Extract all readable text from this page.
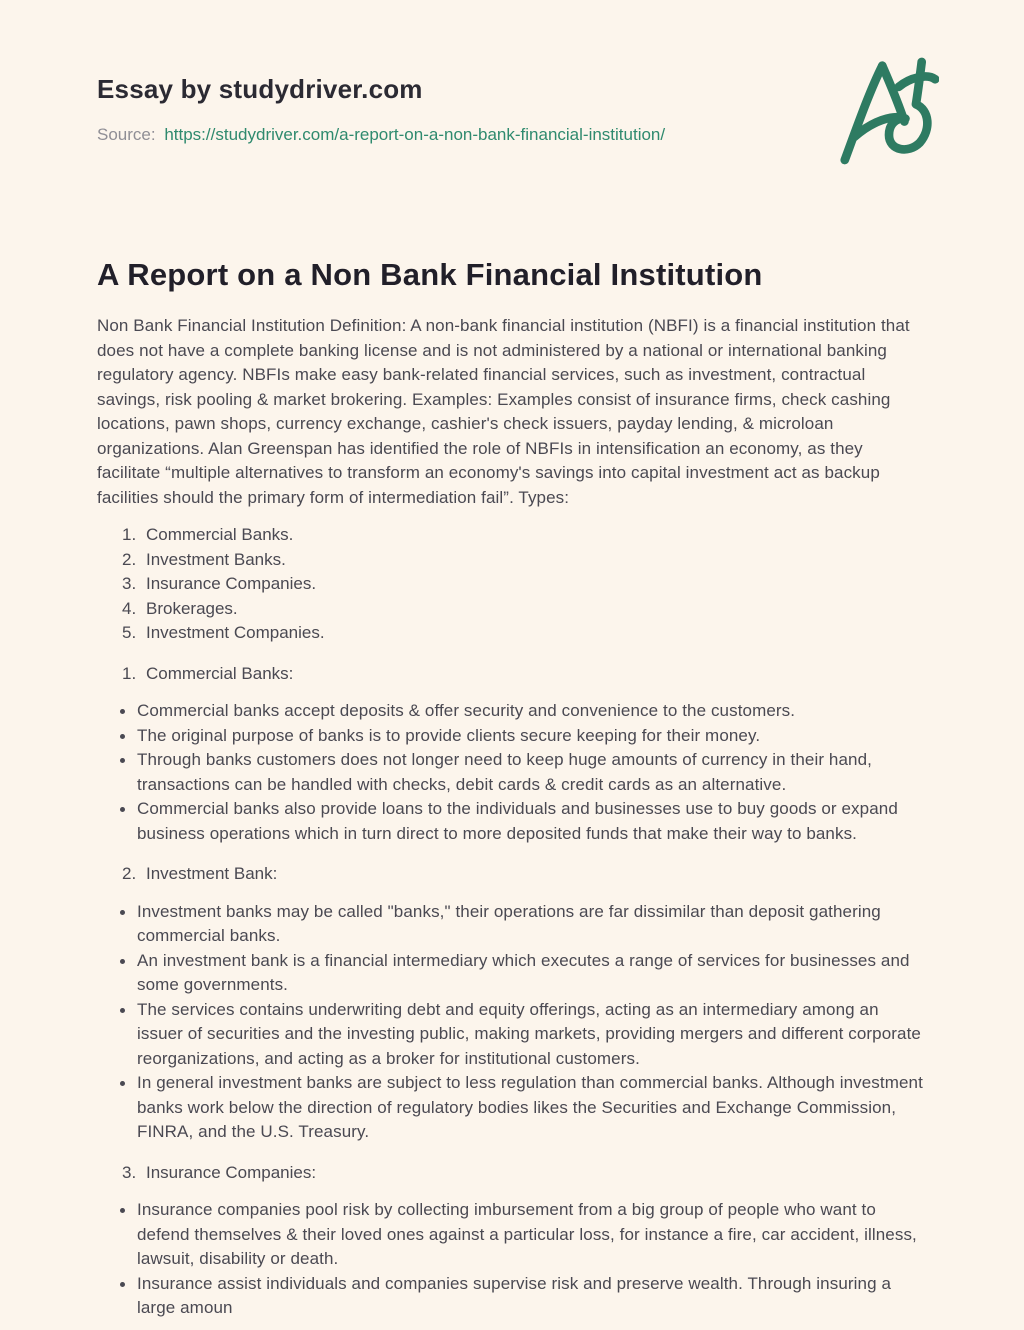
Essay by studydriver.com

Source: https://studydriver.com/a-report-on-a-non-bank-financial-institution/

A Report on a Non Bank Financial Institution

Non Bank Financial Institution Definition: A non-bank financial institution (NBFI) is a financial institution that does not have a complete banking license and is not administered by a national or international banking regulatory agency. NBFIs make easy bank-related financial services, such as investment, contractual savings, risk pooling & market brokering. Examples: Examples consist of insurance firms, check cashing locations, pawn shops, currency exchange, cashier's check issuers, payday lending, & microloan organizations. Alan Greenspan has identified the role of NBFIs in intensification an economy, as they facilitate “multiple alternatives to transform an economy's savings into capital investment act as backup facilities should the primary form of intermediation fail”. Types:

Commercial Banks.
Investment Banks.
Insurance Companies.
Brokerages.
Investment Companies.
1. Commercial Banks:
Commercial banks accept deposits & offer security and convenience to the customers.
The original purpose of banks is to provide clients secure keeping for their money.
Through banks customers does not longer need to keep huge amounts of currency in their hand, transactions can be handled with checks, debit cards & credit cards as an alternative.
Commercial banks also provide loans to the individuals and businesses use to buy goods or expand business operations which in turn direct to more deposited funds that make their way to banks.
2. Investment Bank:
Investment banks may be called "banks," their operations are far dissimilar than deposit gathering commercial banks.
An investment bank is a financial intermediary which executes a range of services for businesses and some governments.
The services contains underwriting debt and equity offerings, acting as an intermediary among an issuer of securities and the investing public, making markets, providing mergers and different corporate reorganizations, and acting as a broker for institutional customers.
In general investment banks are subject to less regulation than commercial banks. Although investment banks work below the direction of regulatory bodies likes the Securities and Exchange Commission, FINRA, and the U.S. Treasury.
3. Insurance Companies:
Insurance companies pool risk by collecting imbursement from a big group of people who want to defend themselves & their loved ones against a particular loss, for instance a fire, car accident, illness, lawsuit, disability or death.
Insurance assist individuals and companies supervise risk and preserve wealth. Through insuring a large amoun
